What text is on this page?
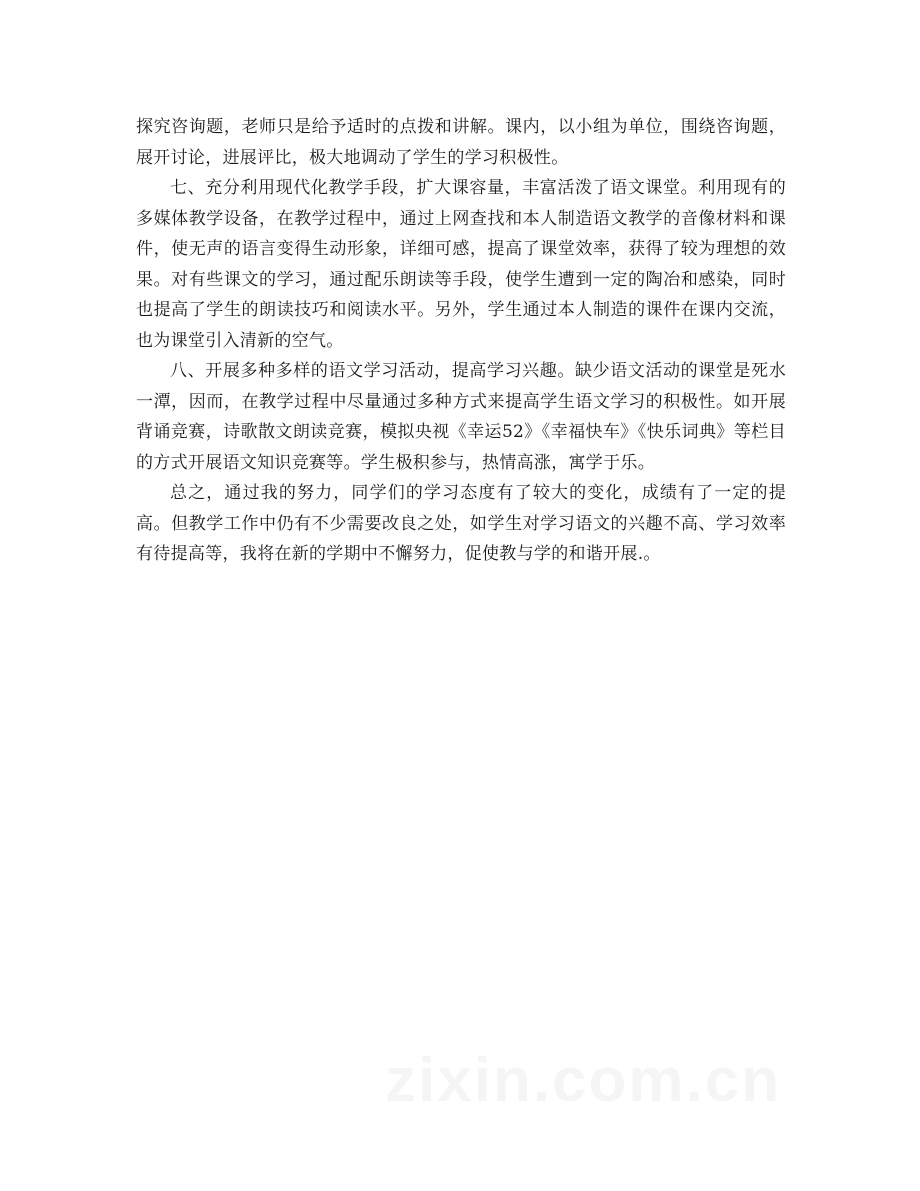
探究咨询题，老师只是给予适时的点拨和讲解。课内，以小组为单位，围绕咨询题，展开讨论，进展评比，极大地调动了学生的学习积极性。

七、充分利用现代化教学手段，扩大课容量，丰富活泼了语文课堂。利用现有的多媒体教学设备，在教学过程中，通过上网查找和本人制造语文教学的音像材料和课件，使无声的语言变得生动形象，详细可感，提高了课堂效率，获得了较为理想的效果。对有些课文的学习，通过配乐朗读等手段，使学生遭到一定的陶冶和感染，同时也提高了学生的朗读技巧和阅读水平。另外，学生通过本人制造的课件在课内交流，也为课堂引入清新的空气。

八、开展多种多样的语文学习活动，提高学习兴趣。缺少语文活动的课堂是死水一潭，因而，在教学过程中尽量通过多种方式来提高学生语文学习的积极性。如开展背诵竞赛，诗歌散文朗读竞赛，模拟央视《幸运52》《幸福快车》《快乐词典》等栏目的方式开展语文知识竞赛等。学生极积参与，热情高涨，寓学于乐。

总之，通过我的努力，同学们的学习态度有了较大的变化，成绩有了一定的提高。但教学工作中仍有不少需要改良之处，如学生对学习语文的兴趣不高、学习效率有待提高等，我将在新的学期中不懈努力，促使教与学的和谐开展.。
